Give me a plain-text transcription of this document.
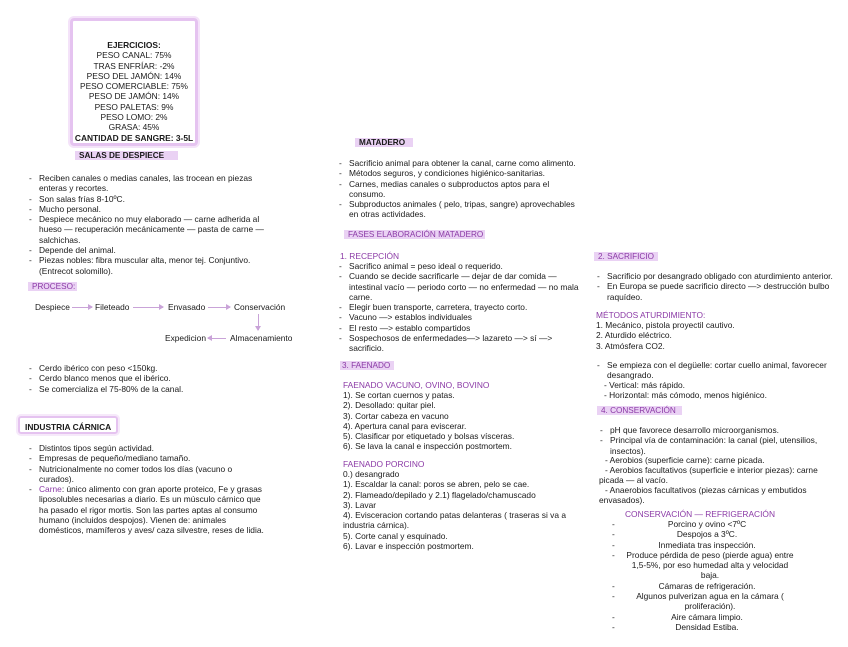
EJERCICIOS:
PESO CANAL: 75%
TRAS ENFRÍAR: -2%
PESO DEL JAMÓN: 14%
PESO COMERCIABLE: 75%
PESO DE JAMÓN: 14%
PESO PALETAS: 9%
PESO LOMO: 2%
GRASA: 45%
CANTIDAD DE SANGRE: 3-5L
SALAS DE DESPIECE
- Reciben canales o medias canales, las trocean en piezas enteras y recortes.
- Son salas frías 8-10ºC.
- Mucho personal.
- Despiece mecánico no muy elaborado — carne adherida al hueso — recuperación mecánicamente — pasta de carne — salchichas.
- Depende del animal.
- Piezas nobles: fibra muscular alta, menor tej. Conjuntivo. (Entrecot solomillo).
PROCESO:
Despiece	Fileteado	Envasado	Conservación
Almacenamiento
Expedicion
- Cerdo ibérico con peso <150kg.
- Cerdo blanco menos que el ibérico.
- Se comercializa el 75-80% de la canal.
INDUSTRIA CÁRNICA
- Distintos tipos según actividad.
- Empresas de pequeño/mediano tamaño.
- Nutricionalmente no comer todos los días (vacuno o curados).
- Carne: único alimento con gran aporte proteico, Fe y grasas liposolubles necesarias a diario. Es un músculo cárnico que ha pasado el rigor mortis. Son las partes aptas al consumo humano (incluidos despojos). Vienen de: animales domésticos, mamíferos y aves/ caza silvestre, reses de lidia.
MATADERO
- Sacrificio animal para obtener la canal, carne como alimento.
- Métodos seguros, y condiciones higiénico-sanitarias.
- Carnes, medias canales o subproductos aptos para el consumo.
- Subproductos animales ( pelo, tripas, sangre) aprovechables en otras actividades.
FASES ELABORACIÓN MATADERO
1. RECEPCIÓN
- Sacrifico animal = peso ideal o requerido.
- Cuando se decide sacrificarle — dejar de dar comida — intestinal vacío — periodo corto — no enfermedad — no mala carne.
- Elegir buen transporte, carretera, trayecto corto.
- Vacuno —> establos individuales
- El resto —> establo compartidos
- Sospechosos de enfermedades—> lazareto —> sí —> sacrificio.
3. FAENADO
FAENADO VACUNO, OVINO, BOVINO
1). Se cortan cuernos y patas.
2). Desollado: quitar piel.
3). Cortar cabeza en vacuno
4). Apertura canal para eviscerar.
5). Clasificar por etiquetado y bolsas vísceras.
6). Se lava la canal e inspección postmortem.
FAENADO PORCINO
0.) desangrado
1). Escaldar la canal: poros se abren, pelo se cae.
2). Flameado/depilado y 2.1) flagelado/chamuscado
3). Lavar
4). Evisceracion cortando patas delanteras ( traseras si va a industria cárnica).
5). Corte canal y esquinado.
6). Lavar e inspección postmortem.
2. SACRIFICIO
- Sacrificio por desangrado obligado con aturdimiento anterior.
- En Europa se puede sacrificio directo —> destrucción bulbo raquídeo.
MÉTODOS ATURDIMIENTO:
1. Mecánico, pistola proyectil cautivo.
2. Aturdido eléctrico.
3. Atmósfera CO2.
- Se empieza con el degüelle: cortar cuello animal, favorecer desangrado.
- Vertical: más rápido.
- Horizontal: más cómodo, menos higiénico.
4. CONSERVACIÓN
- pH que favorece desarrollo microorganismos.
- Principal vía de contaminación: la canal (piel, utensilios, insectos).
- Aerobios (superficie carne): carne picada.
- Aerobios facultativos (superficie e interior piezas): carne picada — al vacío.
- Anaerobios facultativos (piezas cárnicas y embutidos envasados).
CONSERVACIÓN — REFRIGERACIÓN
-	Porcino y ovino <7ºC
-	Despojos a 3ºC.
-	Inmediata tras inspección.
- Produce pérdida de peso (pierde agua) entre 1,5-5%, por eso humedad alta y velocidad baja.
-	Cámaras de refrigeración.
-	Algunos pulverizan agua en la cámara ( proliferación).
-	Aire cámara limpio.
-	Densidad Estiba.
